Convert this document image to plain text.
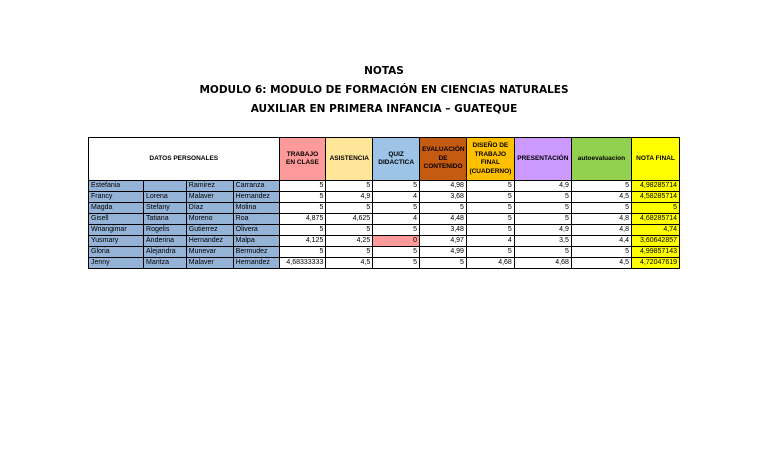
NOTAS
MODULO 6: MODULO DE FORMACIÓN EN CIENCIAS NATURALES
AUXILIAR EN PRIMERA INFANCIA – GUATEQUE
DATOS PERSONALES				TRABAJO EN CLASE	ASISTENCIA	QUIZ DIDACTICA	EVALUACIÓN DE CONTENIDO	DISEÑO DE TRABAJO FINAL (CUADERNO)	PRESENTACIÓN	autoevaluacion	NOTA FINAL
Estefania		Ramirez	Carranza	5	5	5	4,98	5	4,9	5	4,98285714
Francy	Lorena	Malaver	Hernandez	5	4,9	4	3,68	5	5	4,5	4,58285714
Magda	Stefany	Díaz	Molina	5	5	5	5	5	5	5	5
Gisell	Tatiana	Moreno	Roa	4,875	4,625	4	4,48	5	5	4,8	4,68285714
Wriangimar	Rogelis	Gutierrez	Olivera	5	5	5	3,48	5	4,9	4,8	4,74
Yusmary	Anderina	Hernandez	Malpa	4,125	4,25	0	4,97	4	3,5	4,4	3,60642857
Gloria	Alejandra	Munevar	Bermudez	5	5	5	4,99	5	5	5	4,99857143
Jenny	Maritza	Malaver	Hernandez	4,68333333	4,5	5	5	4,68	4,68	4,5	4,72047619
